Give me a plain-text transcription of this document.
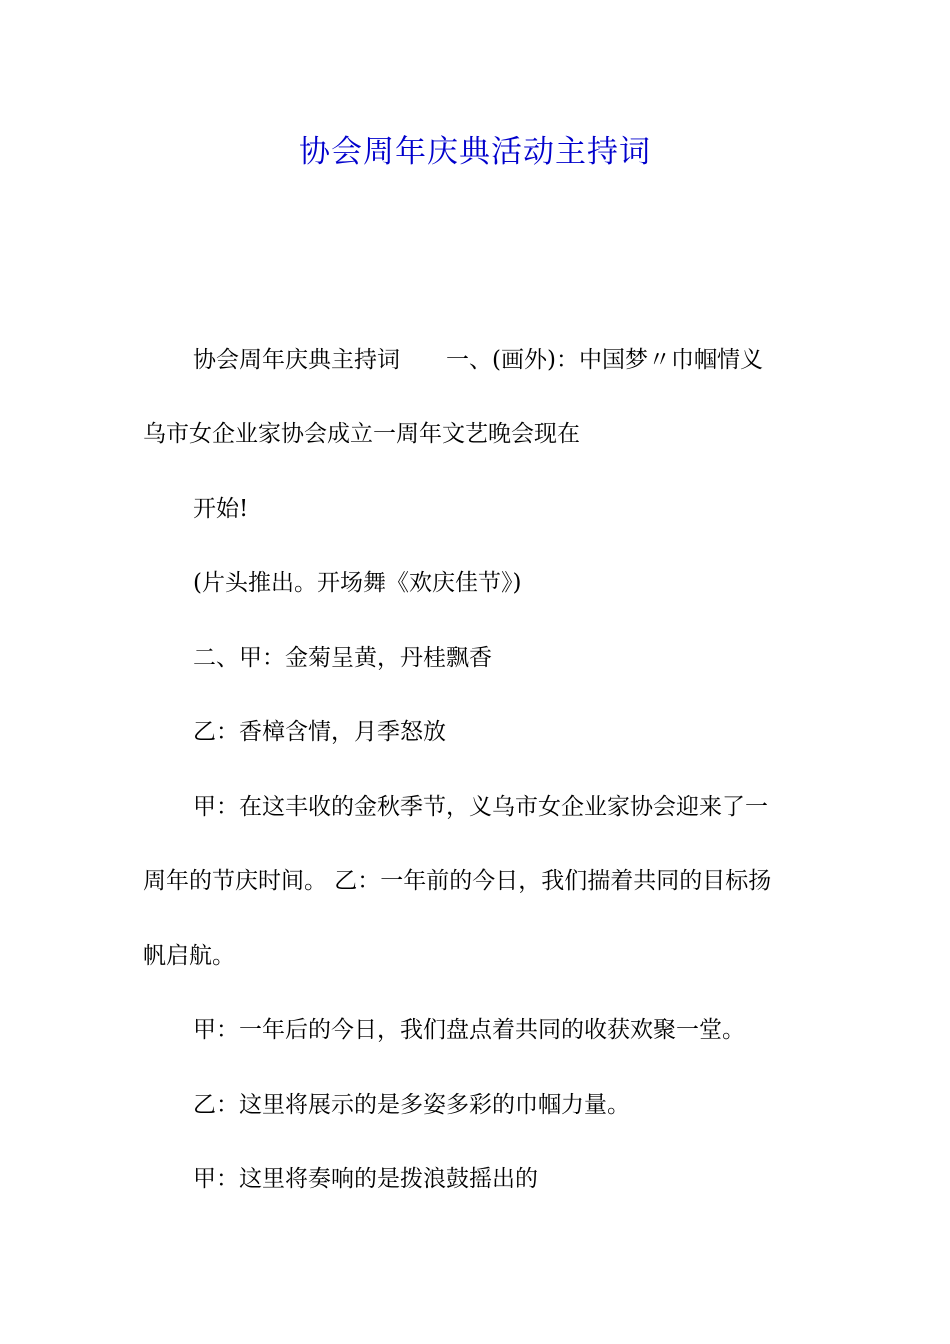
协会周年庆典活动主持词

协会周年庆典主持词 一、(画外)：中国梦〃巾帼情义

乌市女企业家协会成立一周年文艺晚会现在

开始!

(片头推出。开场舞《欢庆佳节》)

二、甲：金菊呈黄，丹桂飘香

乙：香樟含情，月季怒放

甲：在这丰收的金秋季节，义乌市女企业家协会迎来了一

周年的节庆时间。 乙：一年前的今日，我们揣着共同的目标扬

帆启航。

甲：一年后的今日，我们盘点着共同的收获欢聚一堂。

乙：这里将展示的是多姿多彩的巾帼力量。

甲：这里将奏响的是拨浪鼓摇出的
